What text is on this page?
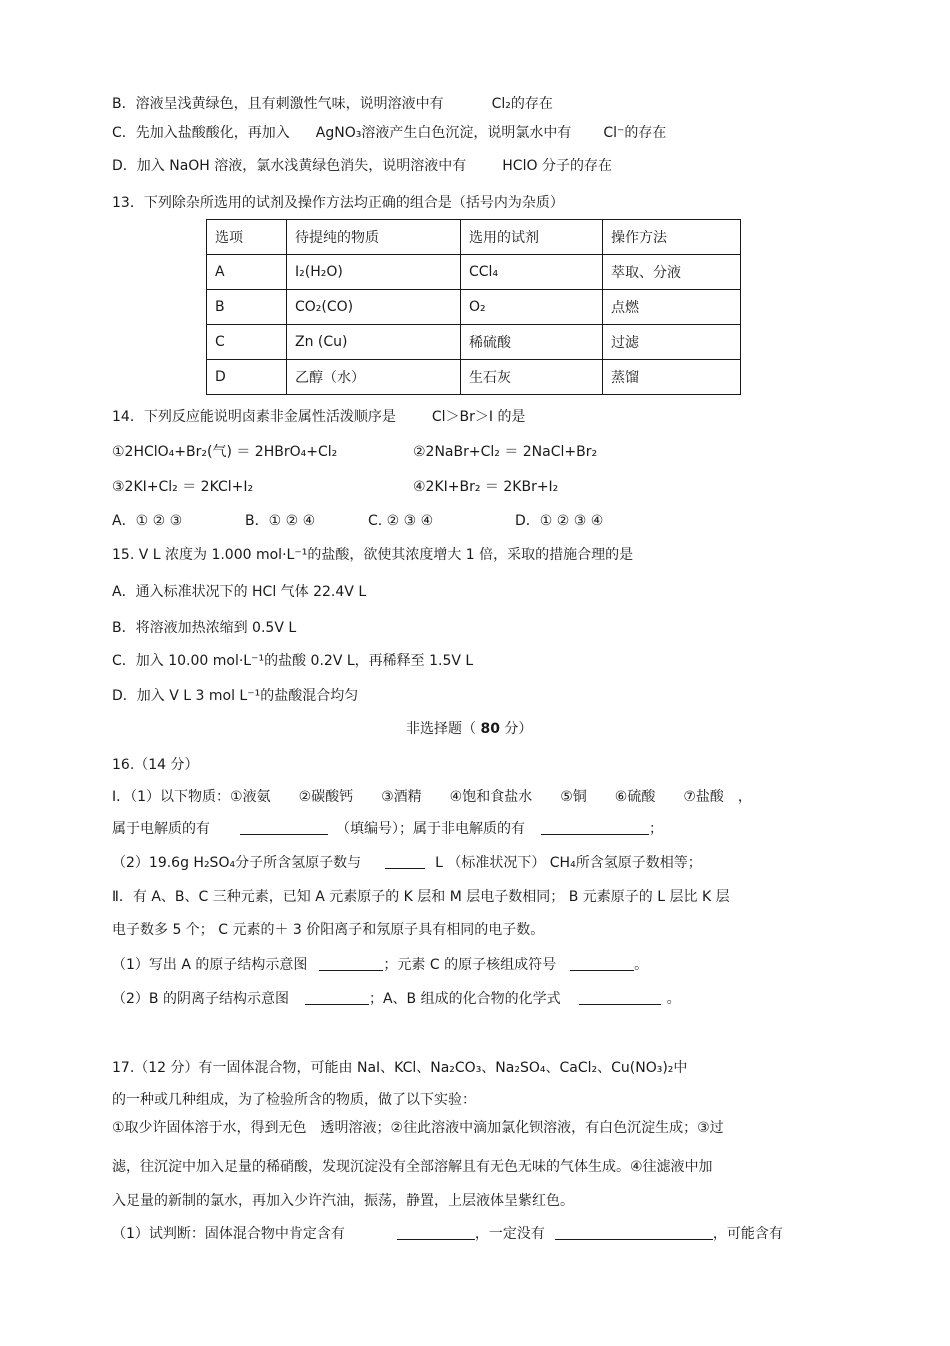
B．溶液呈浅黄绿色，且有刺激性气味，说明溶液中有	Cl₂的存在
C．先加入盐酸酸化，再加入 AgNO₃溶液产生白色沉淀，说明氯水中有 Cl⁻的存在
D．加入 NaOH 溶液，氯水浅黄绿色消失，说明溶液中有	HClO 分子的存在
13．下列除杂所选用的试剂及操作方法均正确的组合是（括号内为杂质）
选项	待提纯的物质	选用的试剂	操作方法
A	I₂(H₂O)	CCl₄	萃取、分液
B	CO₂(CO)	O₂	点燃
C	Zn (Cu)	稀硫酸	过滤
D	乙醇（水）	生石灰	蒸馏
14．下列反应能说明卤素非金属性活泼顺序是	Cl＞Br＞I 的是
①2HClO₄+Br₂(气) ＝ 2HBrO₄+Cl₂	②2NaBr+Cl₂ ＝ 2NaCl+Br₂
③2KI+Cl₂ ＝ 2KCl+I₂	④2KI+Br₂ ＝ 2KBr+I₂
A．① ② ③	B．① ② ④	C. ② ③ ④	D．① ② ③ ④
15. V L 浓度为 1.000 mol·L⁻¹的盐酸，欲使其浓度增大 1 倍，采取的措施合理的是
A．通入标准状况下的 HCl 气体 22.4V L
B．将溶液加热浓缩到 0.5V L
C．加入 10.00 mol·L⁻¹的盐酸 0.2V L，再稀释至 1.5V L
D．加入 V L 3 mol L⁻¹的盐酸混合均匀
非选择题（ 80 分）
16.（14 分）
Ⅰ．（1）以下物质：①液氨　　②碳酸钙　　③酒精　　④饱和食盐水　　⑤铜　　⑥硫酸　　⑦盐酸　，
属于电解质的有	（填编号）；属于非电解质的有	；
（2）19.6g H₂SO₄分子所含氢原子数与	L （标准状况下） CH₄所含氢原子数相等；
Ⅱ．有 A、B、C 三种元素，已知 A 元素原子的 K 层和 M 层电子数相同； B 元素原子的 L 层比 K 层
电子数多 5 个； C 元素的＋ 3 价阳离子和氖原子具有相同的电子数。
（1）写出 A 的原子结构示意图	；元素 C 的原子核组成符号	。
（2）B 的阴离子结构示意图	；A、B 组成的化合物的化学式	。
17.（12 分）有一固体混合物，可能由 NaI、KCl、Na₂CO₃、Na₂SO₄、CaCl₂、Cu(NO₃)₂中
的一种或几种组成，为了检验所含的物质，做了以下实验：
①取少许固体溶于水，得到无色　透明溶液；②往此溶液中滴加氯化钡溶液，有白色沉淀生成；③过
滤，往沉淀中加入足量的稀硝酸，发现沉淀没有全部溶解且有无色无味的气体生成。④往滤液中加
入足量的新制的氯水，再加入少许汽油，振荡，静置，上层液体呈紫红色。
（1）试判断：固体混合物中肯定含有	，一定没有	，可能含有
